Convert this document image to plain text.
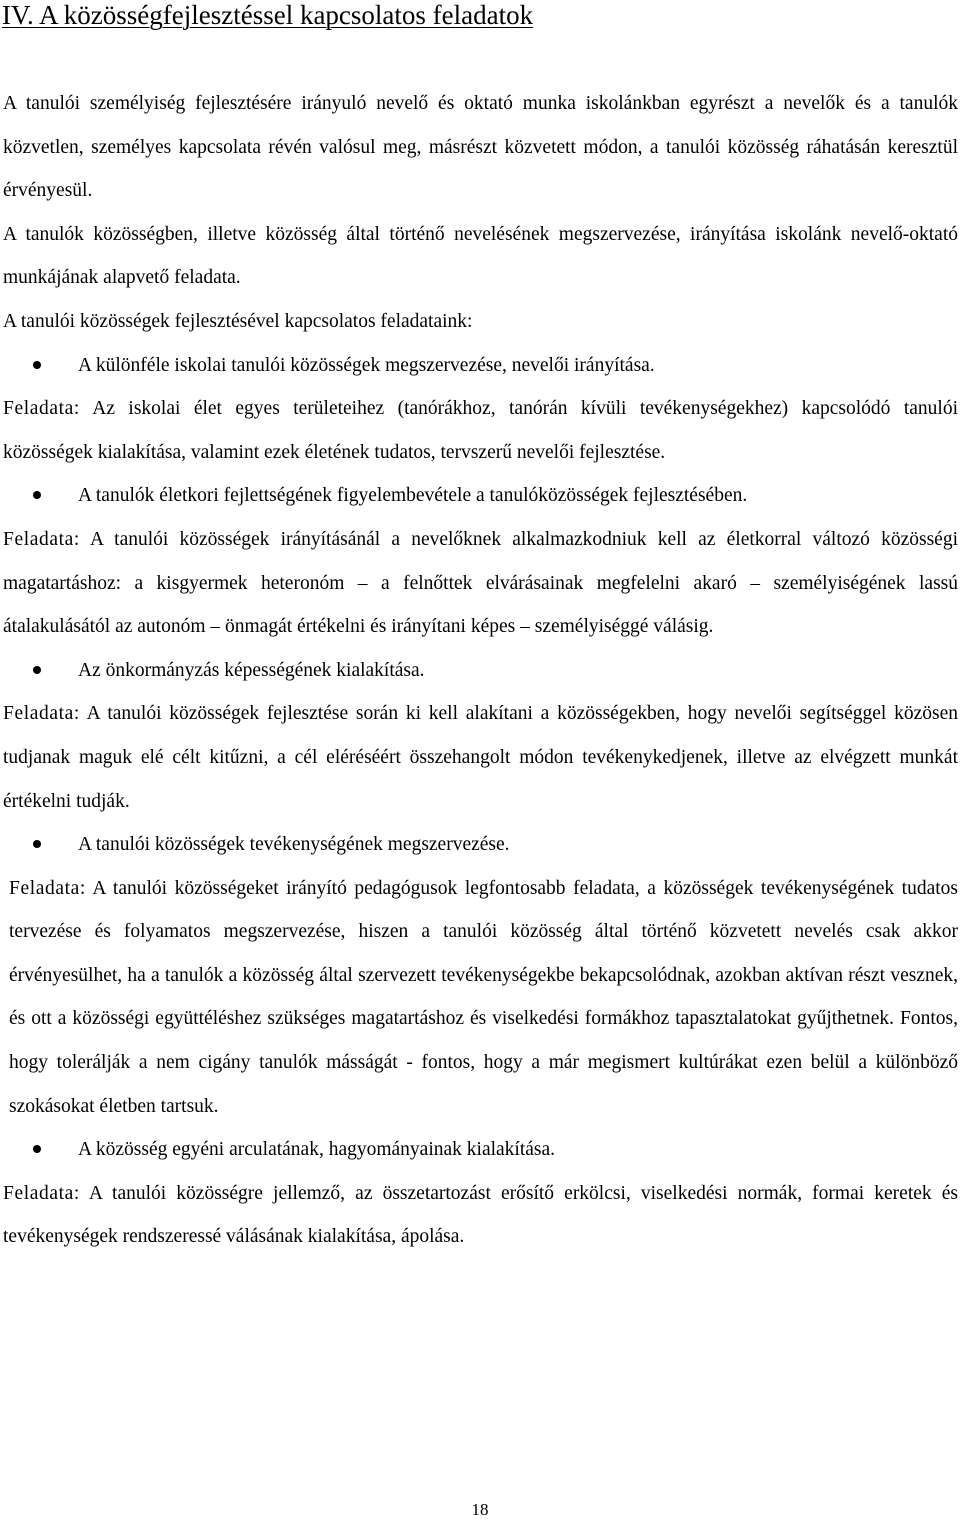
IV. A közösségfejlesztéssel kapcsolatos feladatok

A tanulói személyiség fejlesztésére irányuló nevelő és oktató munka iskolánkban egyrészt a nevelők és a tanulók közvetlen, személyes kapcsolata révén valósul meg, másrészt közvetett módon, a tanulói közösség ráhatásán keresztül érvényesül.

A tanulók közösségben, illetve közösség által történő nevelésének megszervezése, irányítása iskolánk nevelő-oktató munkájának alapvető feladata.

A tanulói közösségek fejlesztésével kapcsolatos feladataink:

A különféle iskolai tanulói közösségek megszervezése, nevelői irányítása.

Feladata: Az iskolai élet egyes területeihez (tanórákhoz, tanórán kívüli tevékenységekhez) kapcsolódó tanulói közösségek kialakítása, valamint ezek életének tudatos, tervszerű nevelői fejlesztése.

A tanulók életkori fejlettségének figyelembevétele a tanulóközösségek fejlesztésében.

Feladata: A tanulói közösségek irányításánál a nevelőknek alkalmazkodniuk kell az életkorral változó közösségi magatartáshoz: a kisgyermek heteronóm – a felnőttek elvárásainak megfelelni akaró – személyiségének lassú átalakulásától az autonóm – önmagát értékelni és irányítani képes – személyiséggé válásig.

Az önkormányzás képességének kialakítása.

Feladata: A tanulói közösségek fejlesztése során ki kell alakítani a közösségekben, hogy nevelői segítséggel közösen tudjanak maguk elé célt kitűzni, a cél eléréséért összehangolt módon tevékenykedjenek, illetve az elvégzett munkát értékelni tudják.

A tanulói közösségek tevékenységének megszervezése.

Feladata: A tanulói közösségeket irányító pedagógusok legfontosabb feladata, a közösségek tevékenységének tudatos tervezése és folyamatos megszervezése, hiszen a tanulói közösség által történő közvetett nevelés csak akkor érvényesülhet, ha a tanulók a közösség által szervezett tevékenységekbe bekapcsolódnak, azokban aktívan részt vesznek, és ott a közösségi együttéléshez szükséges magatartáshoz és viselkedési formákhoz tapasztalatokat gyűjthetnek. Fontos, hogy tolerálják a nem cigány tanulók másságát - fontos, hogy a már megismert kultúrákat ezen belül a különböző szokásokat életben tartsuk.

A közösség egyéni arculatának, hagyományainak kialakítása.

Feladata: A tanulói közösségre jellemző, az összetartozást erősítő erkölcsi, viselkedési normák, formai keretek és tevékenységek rendszeressé válásának kialakítása, ápolása.

18
